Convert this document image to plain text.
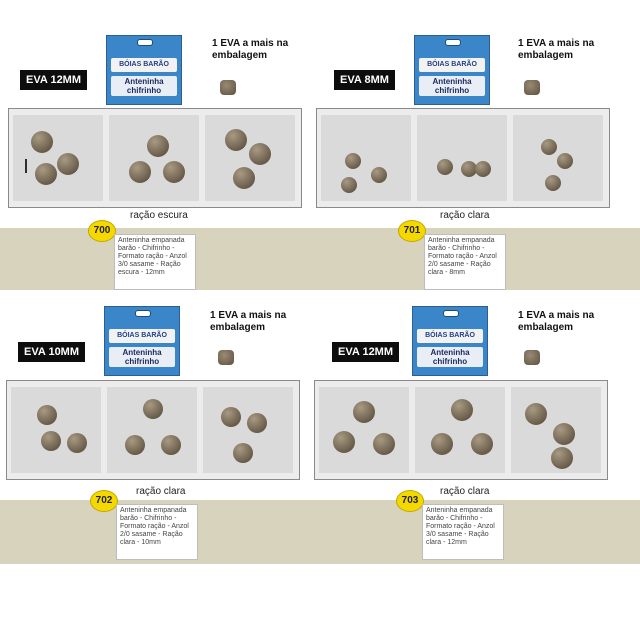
EVA 12MM
BÓIAS BARÃO
Anteninha chifrinho
1 EVA a mais na embalagem
ração escura
700
Anteninha empanada barão - Chifrinho - Formato ração - Anzol 3/0 sasame - Ração escura - 12mm
EVA 8MM
BÓIAS BARÃO
Anteninha chifrinho
1 EVA a mais na embalagem
ração clara
701
Anteninha empanada barão - Chifrinho - Formato ração - Anzol 2/0 sasame - Ração clara - 8mm
EVA 10MM
BÓIAS BARÃO
Anteninha chifrinho
1 EVA a mais na embalagem
ração clara
702
Anteninha empanada barão - Chifrinho - Formato ração - Anzol 2/0 sasame - Ração clara - 10mm
EVA 12MM
BÓIAS BARÃO
Anteninha chifrinho
1 EVA a mais na embalagem
ração clara
703
Anteninha empanada barão - Chifrinho - Formato ração - Anzol 3/0 sasame - Ração clara - 12mm
